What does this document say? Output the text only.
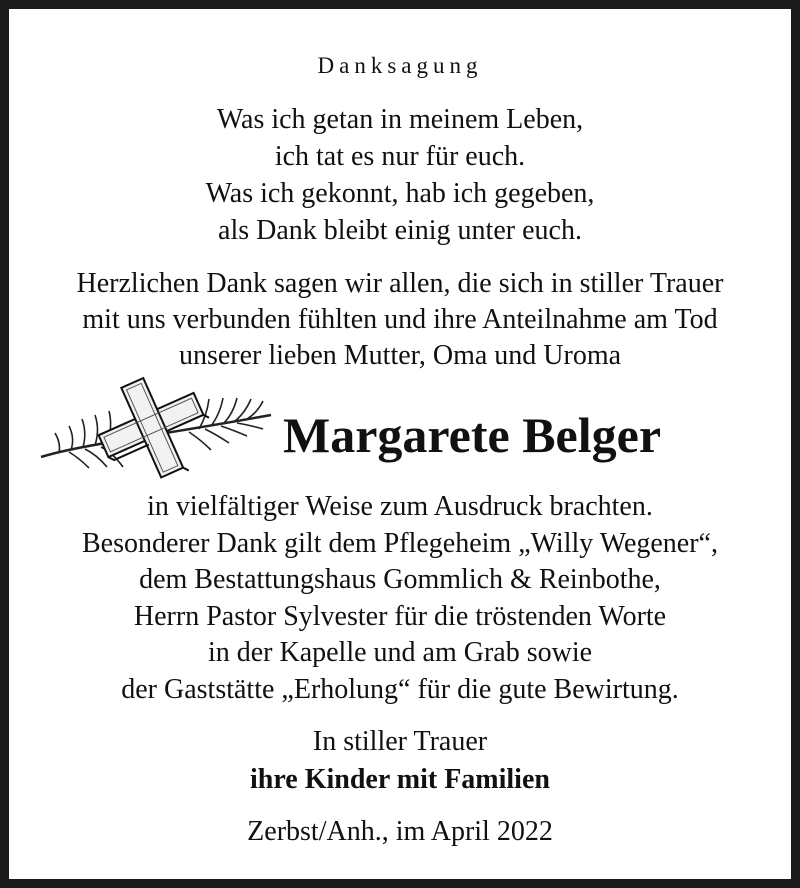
Danksagung
Was ich getan in meinem Leben,
ich tat es nur für euch.
Was ich gekonnt, hab ich gegeben,
als Dank bleibt einig unter euch.
Herzlichen Dank sagen wir allen, die sich in stiller Trauer
mit uns verbunden fühlten und ihre Anteilnahme am Tod
unserer lieben Mutter, Oma und Uroma
Margarete Belger
in vielfältiger Weise zum Ausdruck brachten.
Besonderer Dank gilt dem Pflegeheim „Willy Wegener“,
dem Bestattungshaus Gommlich & Reinbothe,
Herrn Pastor Sylvester für die tröstenden Worte
in der Kapelle und am Grab sowie
der Gaststätte „Erholung“ für die gute Bewirtung.
In stiller Trauer
ihre Kinder mit Familien
Zerbst/Anh., im April 2022
